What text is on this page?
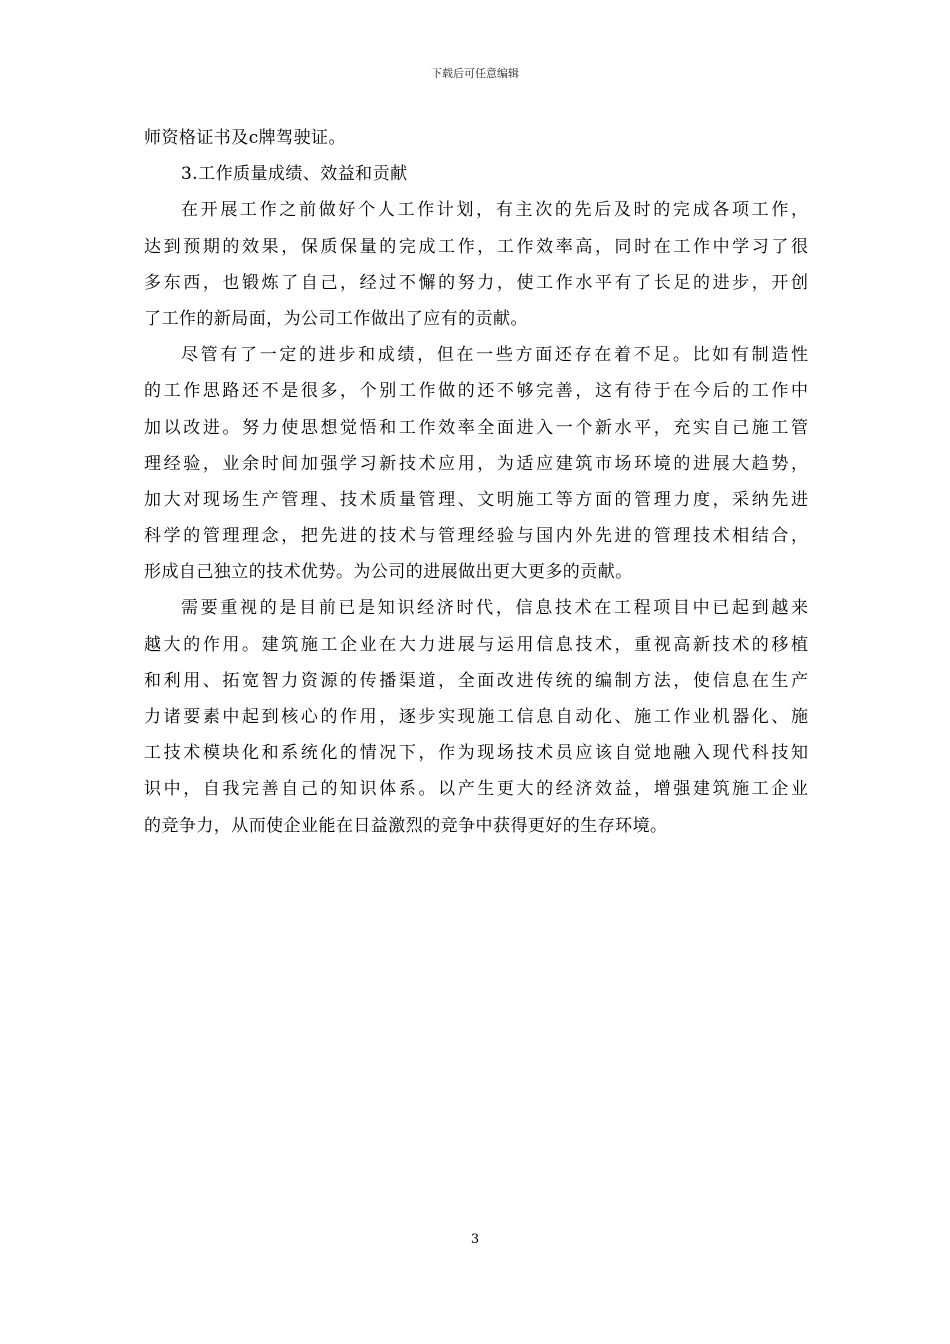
下载后可任意编辑
师资格证书及c牌驾驶证。
3.工作质量成绩、效益和贡献
在开展工作之前做好个人工作计划，有主次的先后及时的完成各项工作，
达到预期的效果，保质保量的完成工作，工作效率高，同时在工作中学习了很
多东西，也锻炼了自己，经过不懈的努力，使工作水平有了长足的进步，开创
了工作的新局面，为公司工作做出了应有的贡献。
尽管有了一定的进步和成绩，但在一些方面还存在着不足。比如有制造性
的工作思路还不是很多，个别工作做的还不够完善，这有待于在今后的工作中
加以改进。努力使思想觉悟和工作效率全面进入一个新水平，充实自己施工管
理经验，业余时间加强学习新技术应用，为适应建筑市场环境的进展大趋势，
加大对现场生产管理、技术质量管理、文明施工等方面的管理力度，采纳先进
科学的管理理念，把先进的技术与管理经验与国内外先进的管理技术相结合，
形成自己独立的技术优势。为公司的进展做出更大更多的贡献。
需要重视的是目前已是知识经济时代，信息技术在工程项目中已起到越来
越大的作用。建筑施工企业在大力进展与运用信息技术，重视高新技术的移植
和利用、拓宽智力资源的传播渠道，全面改进传统的编制方法，使信息在生产
力诸要素中起到核心的作用，逐步实现施工信息自动化、施工作业机器化、施
工技术模块化和系统化的情况下，作为现场技术员应该自觉地融入现代科技知
识中，自我完善自己的知识体系。以产生更大的经济效益，增强建筑施工企业
的竞争力，从而使企业能在日益激烈的竞争中获得更好的生存环境。
3
